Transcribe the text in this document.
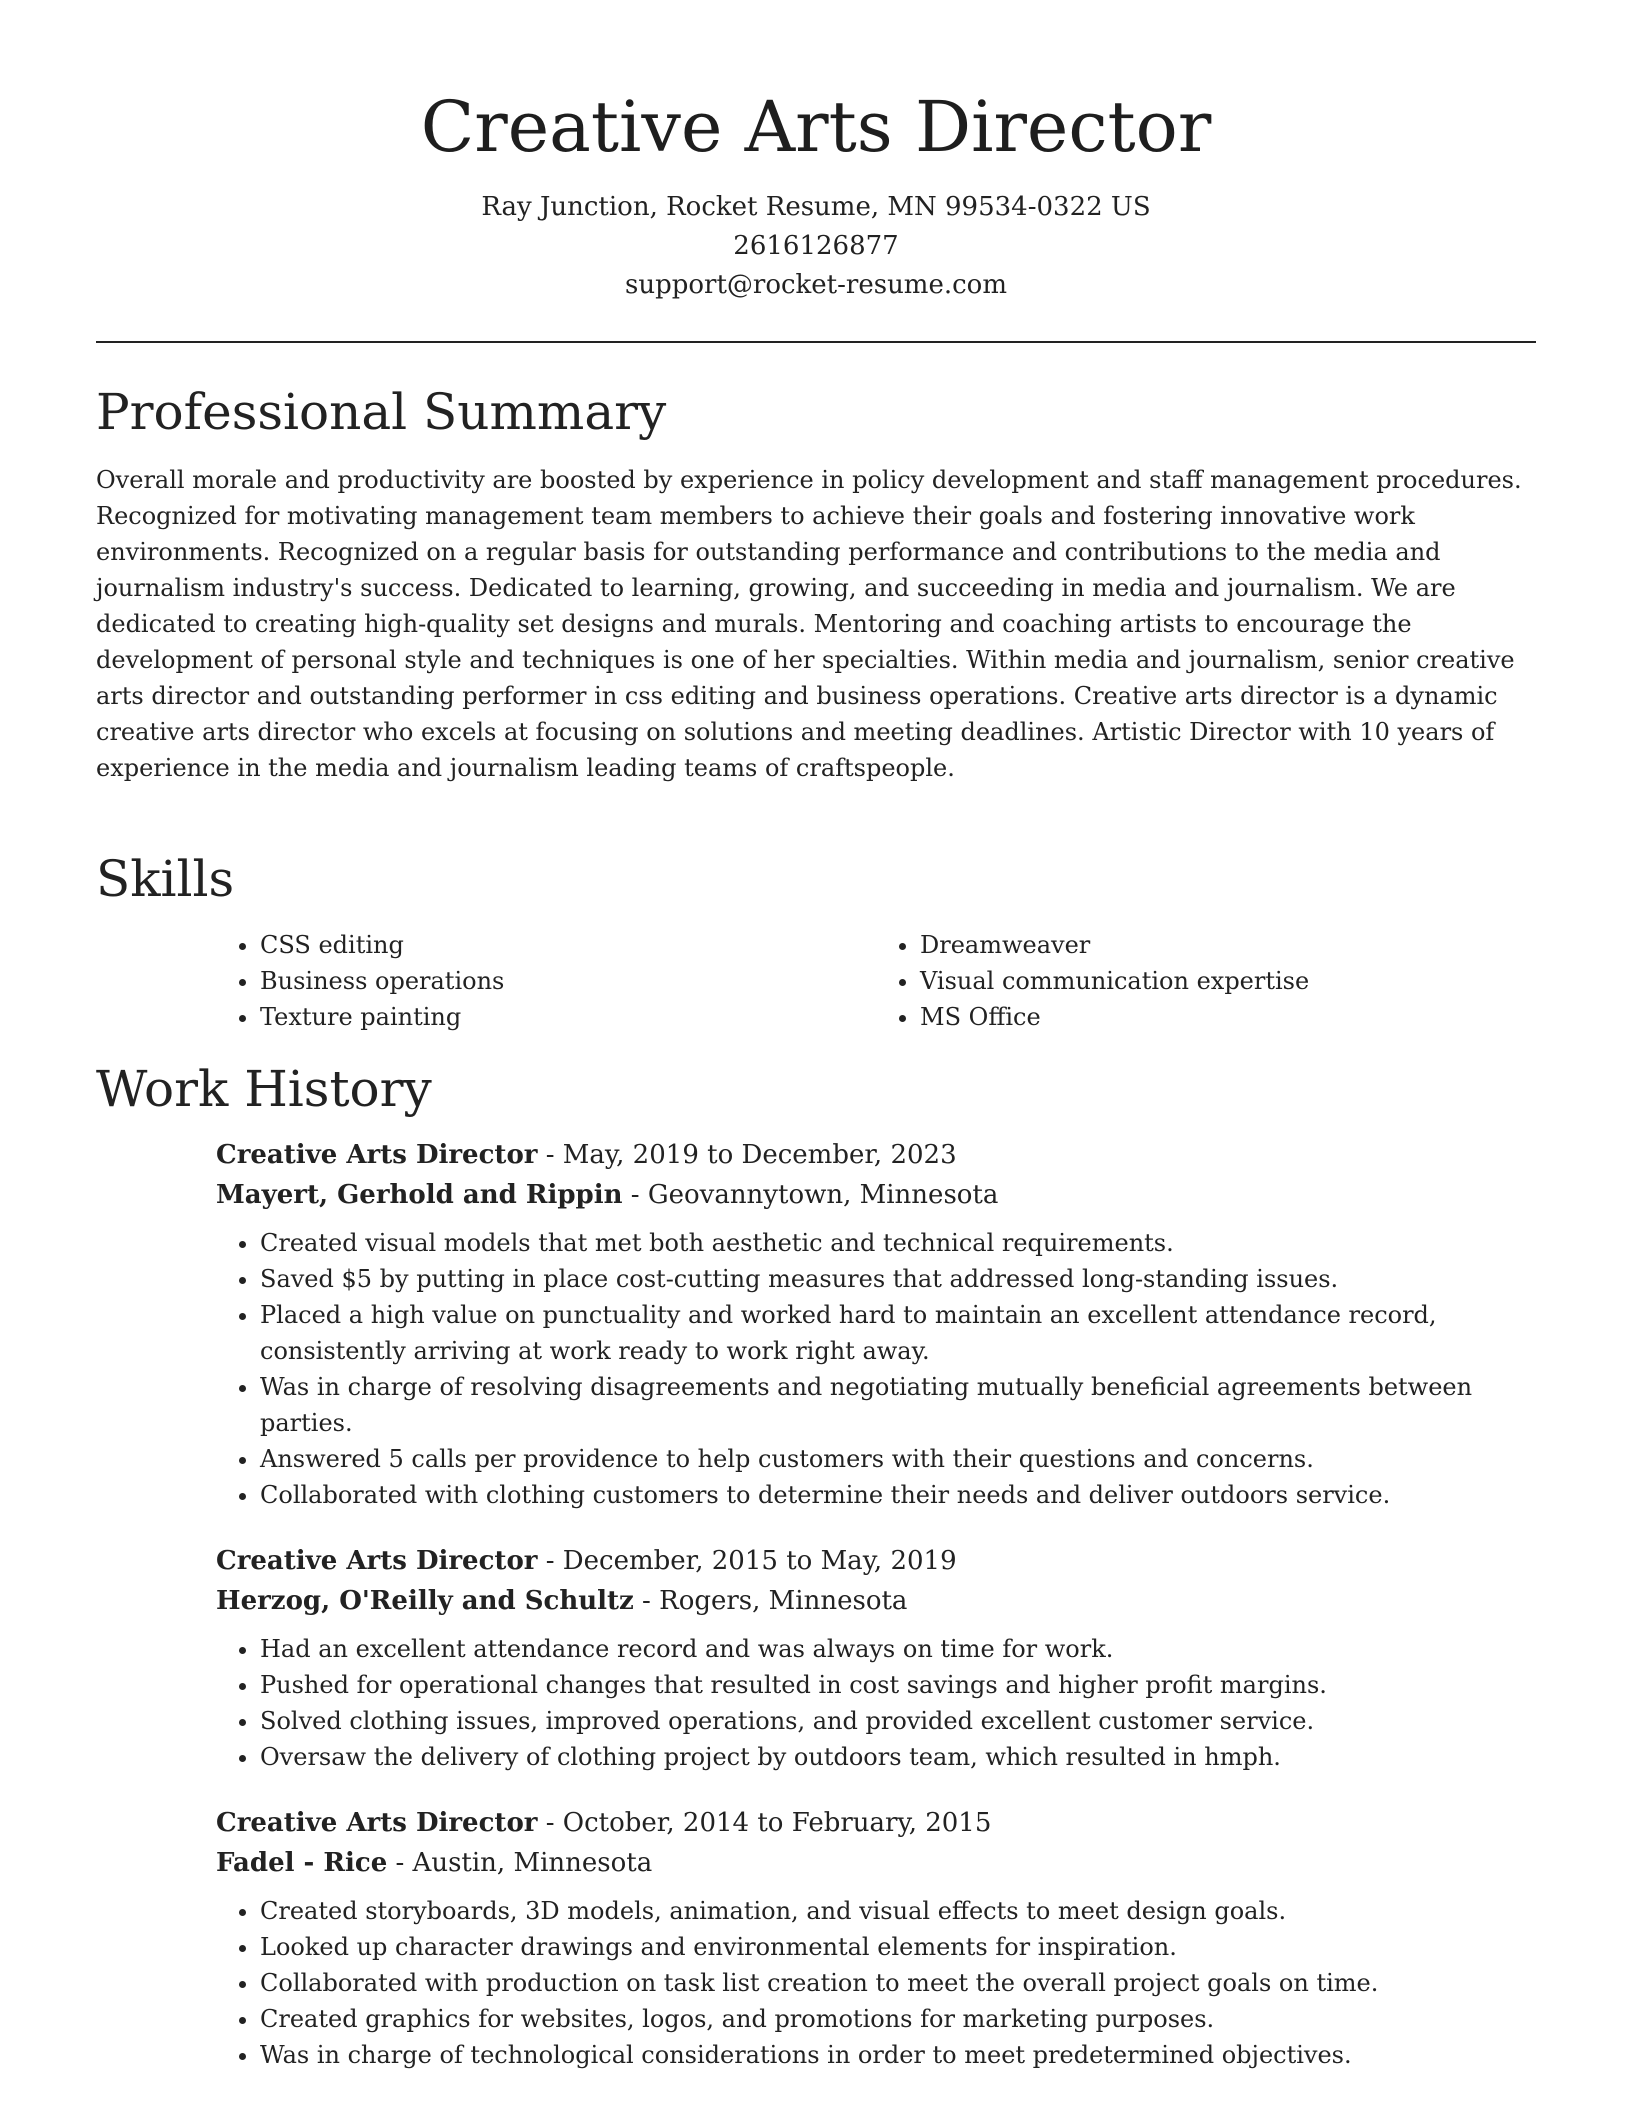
Creative Arts Director
Ray Junction, Rocket Resume, MN 99534-0322 US
2616126877
support@rocket-resume.com
Professional Summary

Overall morale and productivity are boosted by experience in policy development and staff management procedures. Recognized for motivating management team members to achieve their goals and fostering innovative work environments. Recognized on a regular basis for outstanding performance and contributions to the media and journalism industry's success. Dedicated to learning, growing, and succeeding in media and journalism. We are dedicated to creating high-quality set designs and murals. Mentoring and coaching artists to encourage the development of personal style and techniques is one of her specialties. Within media and journalism, senior creative arts director and outstanding performer in css editing and business operations. Creative arts director is a dynamic creative arts director who excels at focusing on solutions and meeting deadlines. Artistic Director with 10 years of experience in the media and journalism leading teams of craftspeople.

Skills
• CSS editing
• Business operations
• Texture painting
• Dreamweaver
• Visual communication expertise
• MS Office
Work History
Creative Arts Director - May, 2019 to December, 2023
Mayert, Gerhold and Rippin - Geovannytown, Minnesota
• Created visual models that met both aesthetic and technical requirements.
• Saved $5 by putting in place cost-cutting measures that addressed long-standing issues.
• Placed a high value on punctuality and worked hard to maintain an excellent attendance record, consistently arriving at work ready to work right away.
• Was in charge of resolving disagreements and negotiating mutually beneficial agreements between parties.
• Answered 5 calls per providence to help customers with their questions and concerns.
• Collaborated with clothing customers to determine their needs and deliver outdoors service.
Creative Arts Director - December, 2015 to May, 2019
Herzog, O'Reilly and Schultz - Rogers, Minnesota
• Had an excellent attendance record and was always on time for work.
• Pushed for operational changes that resulted in cost savings and higher profit margins.
• Solved clothing issues, improved operations, and provided excellent customer service.
• Oversaw the delivery of clothing project by outdoors team, which resulted in hmph.
Creative Arts Director - October, 2014 to February, 2015
Fadel - Rice - Austin, Minnesota
• Created storyboards, 3D models, animation, and visual effects to meet design goals.
• Looked up character drawings and environmental elements for inspiration.
• Collaborated with production on task list creation to meet the overall project goals on time.
• Created graphics for websites, logos, and promotions for marketing purposes.
• Was in charge of technological considerations in order to meet predetermined objectives.
